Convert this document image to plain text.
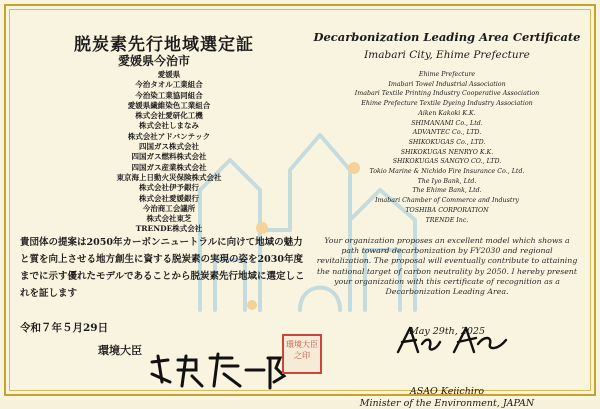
脱炭素先行地域選定証
愛媛県今治市
愛媛県
今治タオル工業組合
今治染工業協同組合
愛媛県繊維染色工業組合
株式会社愛研化工機
株式会社しまなみ
株式会社アドバンテック
四国ガス株式会社
四国ガス燃料株式会社
四国ガス産業株式会社
東京海上日動火災保険株式会社
株式会社伊予銀行
株式会社愛媛銀行
今治商工会議所
株式会社東芝
TRENDE株式会社
貴団体の提案は2050年カーボンニュートラルに向けて地域の魅力と質を向上させる地方創生に資する脱炭素の実現の姿を2030年度までに示す優れたモデルであることから脱炭素先行地域に選定しこれを証します
令和７年５月29日
環境大臣	環境大臣之印
Decarbonization Leading Area Certificate
Imabari City, Ehime Prefecture
Ehime Prefecture
Imabari Towel Industrial Association
Imabari Textile Printing Industry Cooperative Association
Ehime Prefecture Textile Dyeing Industry Association
Aiken Kakoki K.K.
SHIMANAMI Co., Ltd.
ADVANTEC Co., LTD.
SHIKOKUGAS Co., LTD.
SHIKOKUGAS NENRYO K.K.
SHIKOKUGAS SANGYO CO., LTD.
Tokio Marine & Nichido Fire Insurance Co., Ltd.
The Iyo Bank, Ltd.
The Ehime Bank, Ltd.
Imabari Chamber of Commerce and Industry
TOSHIBA CORPORATION
TRENDE Inc.
Your organization proposes an excellent model which shows a path toward decarbonization by FY2030 and regional revitalization. The proposal will eventually contribute to attaining the national target of carbon neutrality by 2050. I hereby present your organization with this certificate of recognition as a Decarbonization Leading Area.
May 29th, 2025
ASAO Keiichiro
Minister of the Environment, JAPAN
